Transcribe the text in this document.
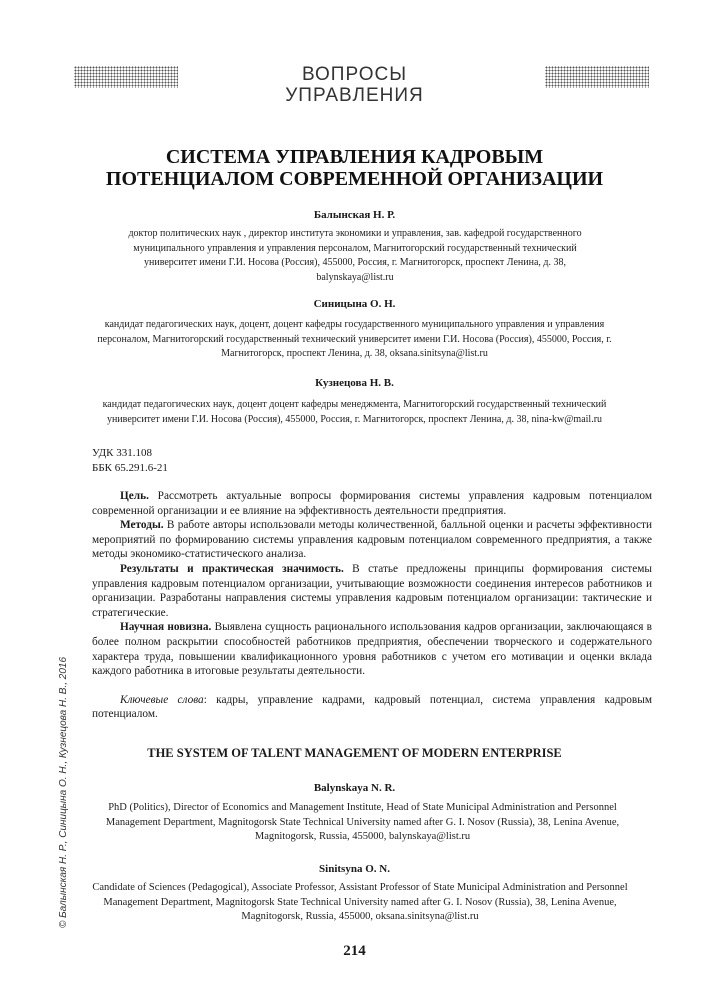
ВОПРОСЫ
УПРАВЛЕНИЯ
СИСТЕМА УПРАВЛЕНИЯ КАДРОВЫМ
ПОТЕНЦИАЛОМ СОВРЕМЕННОЙ ОРГАНИЗАЦИИ
Балынская Н. Р.
доктор политических наук , директор института экономики и управления, зав. кафедрой государственного муниципального управления и управления персоналом, Магнитогорский государственный технический университет имени Г.И. Носова (Россия), 455000, Россия, г. Магнитогорск, проспект Ленина, д. 38, balynskaya@list.ru
Синицына О. Н.
кандидат педагогических наук, доцент, доцент кафедры государственного муниципального управления и управления персоналом, Магнитогорский государственный технический университет имени Г.И. Носова (Россия), 455000, Россия, г. Магнитогорск, проспект Ленина, д. 38, oksana.sinitsyna@list.ru
Кузнецова Н. В.
кандидат педагогических наук, доцент доцент кафедры менеджмента, Магнитогорский государственный технический университет имени Г.И. Носова (Россия), 455000, Россия, г. Магнитогорск, проспект Ленина, д. 38, nina-kw@mail.ru
УДК 331.108
ББК 65.291.6-21

Цель. Рассмотреть актуальные вопросы формирования системы управления кадровым потенциалом современной организации и ее влияние на эффективность деятельности предприятия.

Методы. В работе авторы использовали методы количественной, балльной оценки и расчеты эффективности мероприятий по формированию системы управления кадровым потенциалом современного предприятия, а также методы экономико-статистического анализа.

Результаты и практическая значимость. В статье предложены принципы формирования системы управления кадровым потенциалом организации, учитывающие возможности соединения интересов работников и организации. Разработаны направления системы управления кадровым потенциалом организации: тактические и стратегические.

Научная новизна. Выявлена сущность рационального использования кадров организации, заключающаяся в более полном раскрытии способностей работников предприятия, обеспечении творческого и содержательного характера труда, повышении квалификационного уровня работников с учетом его мотивации и оценки вклада каждого работника в итоговые результаты деятельности.

Ключевые слова: кадры, управление кадрами, кадровый потенциал, система управления кадровым потенциалом.

THE SYSTEM OF TALENT MANAGEMENT OF MODERN ENTERPRISE
Balynskaya N. R.
PhD (Politics), Director of Economics and Management Institute, Head of State Municipal Administration and Personnel Management Department, Magnitogorsk State Technical University named after G. I. Nosov (Russia), 38, Lenina Avenue, Magnitogorsk, Russia, 455000, balynskaya@list.ru
Sinitsyna O. N.
Candidate of Sciences (Pedagogical), Associate Professor, Assistant Professor of State Municipal Administration and Personnel Management Department, Magnitogorsk State Technical University named after G. I. Nosov (Russia), 38, Lenina Avenue, Magnitogorsk, Russia, 455000, oksana.sinitsyna@list.ru
© Балынская Н. Р., Синицына О. Н., Кузнецова Н. В., 2016
214
